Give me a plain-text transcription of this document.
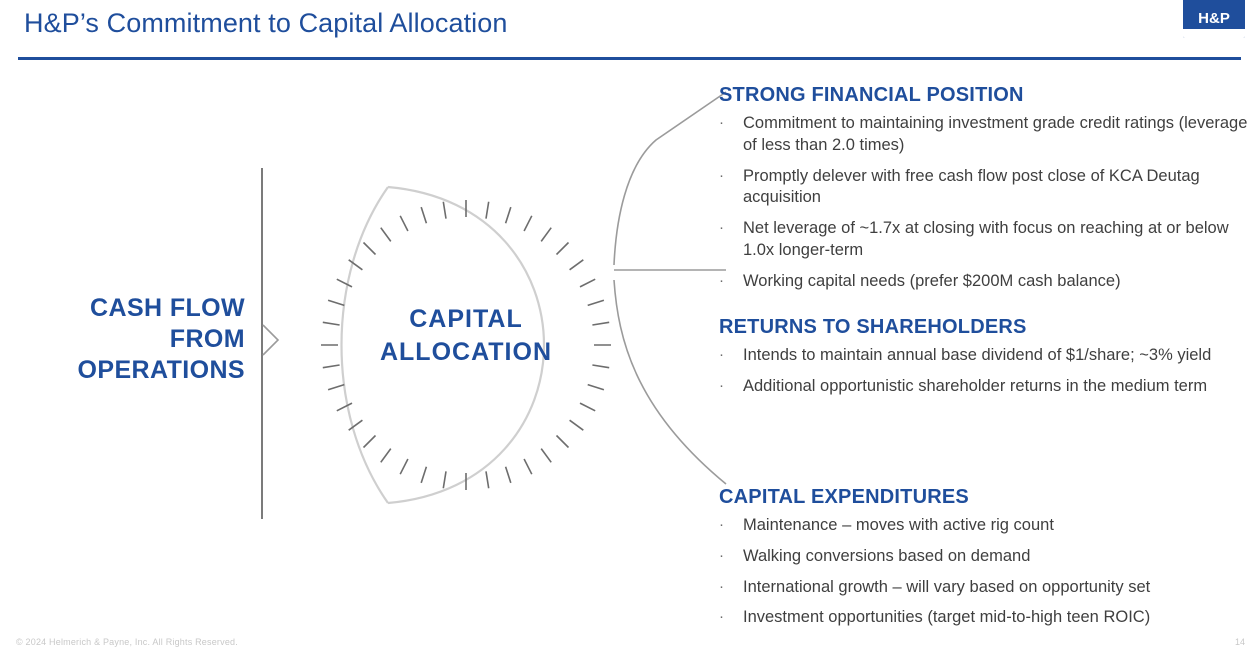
H&P’s Commitment to Capital Allocation	H&P
CASH FLOW
FROM
OPERATIONS
CAPITAL
ALLOCATION
STRONG FINANCIAL POSITION
·	Commitment to maintaining investment grade credit ratings (leverage of less than 2.0 times)
·	Promptly delever with free cash flow post close of KCA Deutag acquisition
·	Net leverage of ~1.7x at closing with focus on reaching at or below 1.0x longer-term
·	Working capital needs (prefer $200M cash balance)
RETURNS TO SHAREHOLDERS
·	Intends to maintain annual base dividend of $1/share; ~3% yield
·	Additional opportunistic shareholder returns in the medium term
CAPITAL EXPENDITURES
·	Maintenance – moves with active rig count
·	Walking conversions based on demand
·	International growth – will vary based on opportunity set
·	Investment opportunities (target mid-to-high teen ROIC)
© 2024 Helmerich & Payne, Inc. All Rights Reserved.	14
